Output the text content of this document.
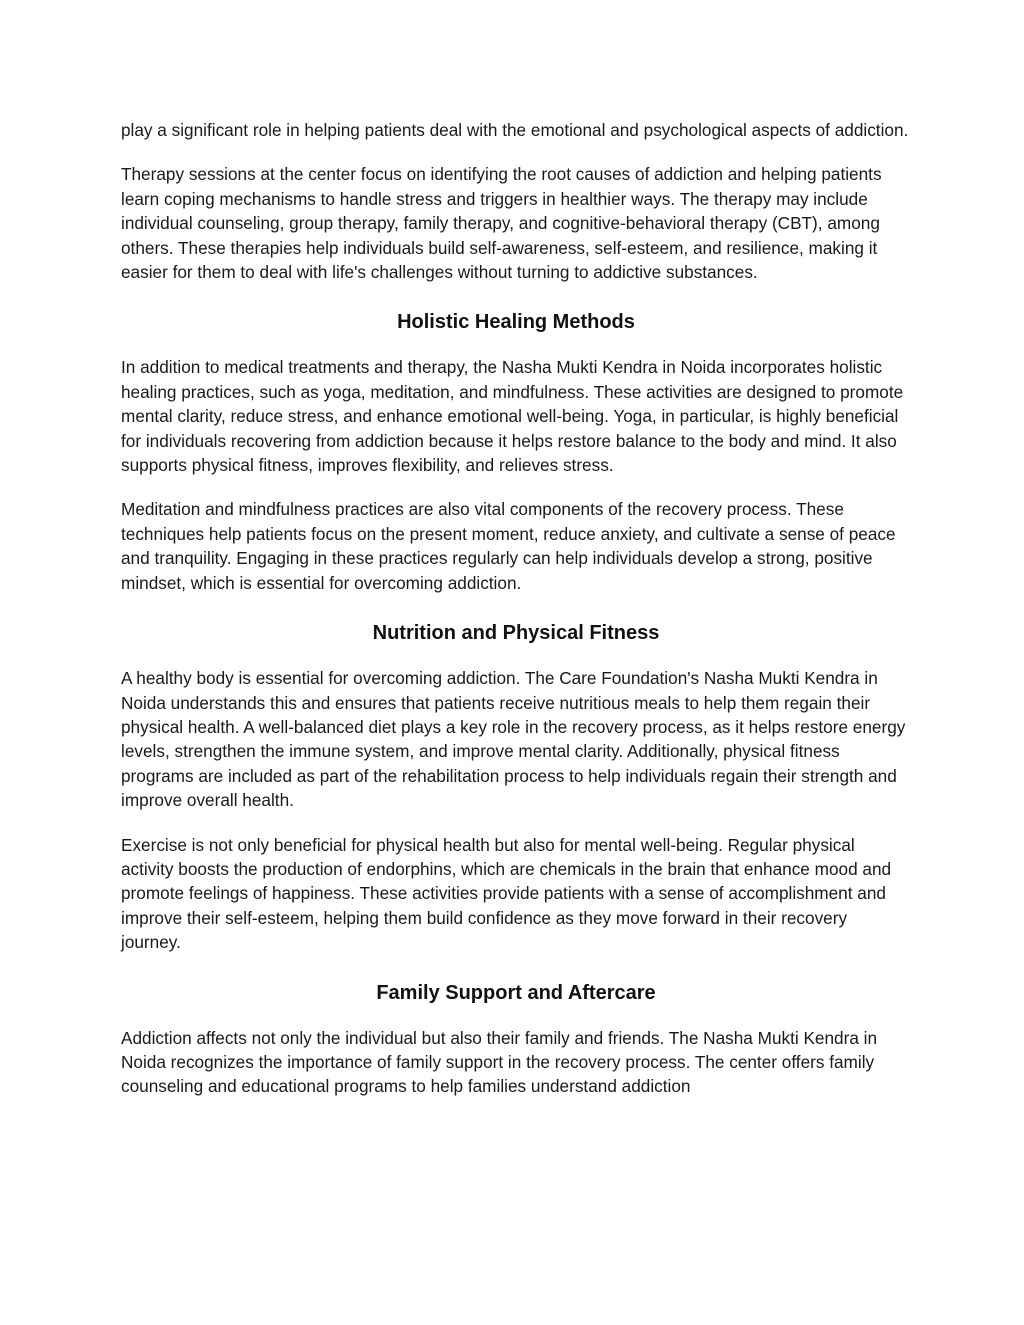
play a significant role in helping patients deal with the emotional and psychological aspects of addiction.

Therapy sessions at the center focus on identifying the root causes of addiction and helping patients learn coping mechanisms to handle stress and triggers in healthier ways. The therapy may include individual counseling, group therapy, family therapy, and cognitive-behavioral therapy (CBT), among others. These therapies help individuals build self-awareness, self-esteem, and resilience, making it easier for them to deal with life's challenges without turning to addictive substances.

Holistic Healing Methods

In addition to medical treatments and therapy, the Nasha Mukti Kendra in Noida incorporates holistic healing practices, such as yoga, meditation, and mindfulness. These activities are designed to promote mental clarity, reduce stress, and enhance emotional well-being. Yoga, in particular, is highly beneficial for individuals recovering from addiction because it helps restore balance to the body and mind. It also supports physical fitness, improves flexibility, and relieves stress.

Meditation and mindfulness practices are also vital components of the recovery process. These techniques help patients focus on the present moment, reduce anxiety, and cultivate a sense of peace and tranquility. Engaging in these practices regularly can help individuals develop a strong, positive mindset, which is essential for overcoming addiction.

Nutrition and Physical Fitness

A healthy body is essential for overcoming addiction. The Care Foundation's Nasha Mukti Kendra in Noida understands this and ensures that patients receive nutritious meals to help them regain their physical health. A well-balanced diet plays a key role in the recovery process, as it helps restore energy levels, strengthen the immune system, and improve mental clarity. Additionally, physical fitness programs are included as part of the rehabilitation process to help individuals regain their strength and improve overall health.

Exercise is not only beneficial for physical health but also for mental well-being. Regular physical activity boosts the production of endorphins, which are chemicals in the brain that enhance mood and promote feelings of happiness. These activities provide patients with a sense of accomplishment and improve their self-esteem, helping them build confidence as they move forward in their recovery journey.

Family Support and Aftercare

Addiction affects not only the individual but also their family and friends. The Nasha Mukti Kendra in Noida recognizes the importance of family support in the recovery process. The center offers family counseling and educational programs to help families understand addiction
